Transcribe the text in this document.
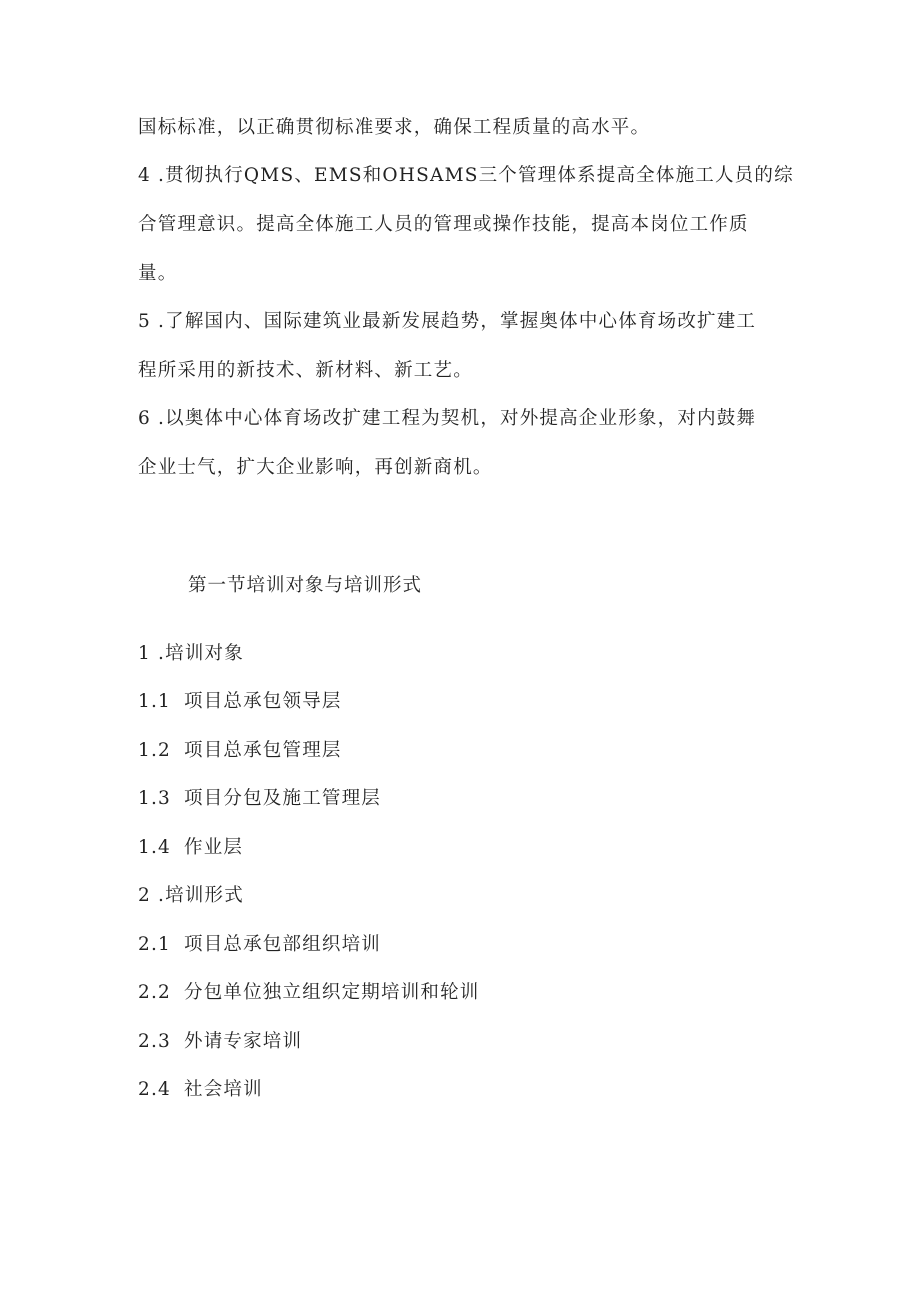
国标标准，以正确贯彻标准要求，确保工程质量的高水平。
4 .贯彻执行QMS、EMS和OHSAMS三个管理体系提高全体施工人员的综
合管理意识。提高全体施工人员的管理或操作技能，提高本岗位工作质
量。
5 .了解国内、国际建筑业最新发展趋势，掌握奥体中心体育场改扩建工
程所采用的新技术、新材料、新工艺。
6 .以奥体中心体育场改扩建工程为契机，对外提高企业形象，对内鼓舞
企业士气，扩大企业影响，再创新商机。
第一节培训对象与培训形式
1 .培训对象
1.1 项目总承包领导层
1.2 项目总承包管理层
1.3 项目分包及施工管理层
1.4 作业层
2 .培训形式
2.1 项目总承包部组织培训
2.2 分包单位独立组织定期培训和轮训
2.3 外请专家培训
2.4 社会培训
